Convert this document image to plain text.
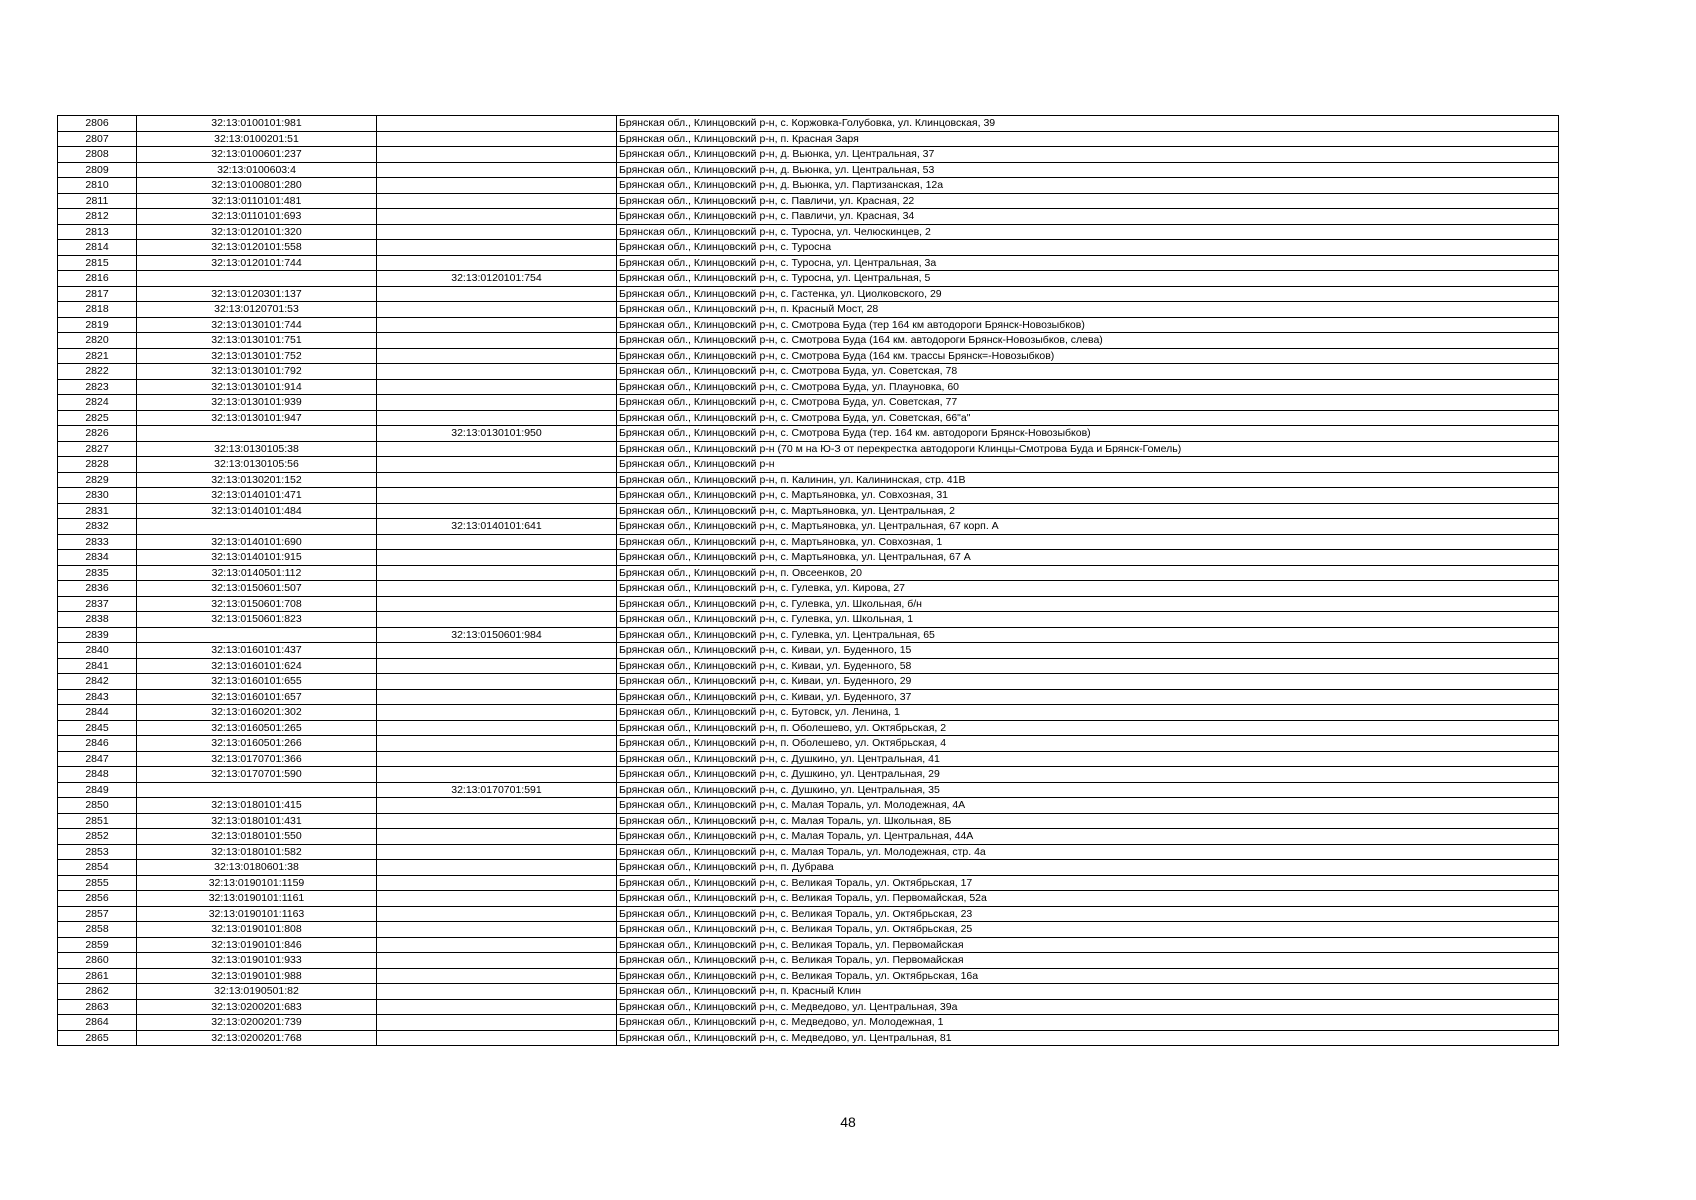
2806	32:13:0100101:981		Брянская обл., Клинцовский р-н, с. Коржовка-Голубовка, ул. Клинцовская, 39
2807	32:13:0100201:51		Брянская обл., Клинцовский р-н, п. Красная Заря
2808	32:13:0100601:237		Брянская обл., Клинцовский р-н, д. Вьюнка, ул. Центральная, 37
2809	32:13:0100603:4		Брянская обл., Клинцовский р-н, д. Вьюнка, ул. Центральная, 53
2810	32:13:0100801:280		Брянская обл., Клинцовский р-н, д. Вьюнка, ул. Партизанская, 12а
2811	32:13:0110101:481		Брянская обл., Клинцовский р-н, с. Павличи, ул. Красная, 22
2812	32:13:0110101:693		Брянская обл., Клинцовский р-н, с. Павличи, ул. Красная, 34
2813	32:13:0120101:320		Брянская обл., Клинцовский р-н, с. Туросна, ул. Челюскинцев, 2
2814	32:13:0120101:558		Брянская обл., Клинцовский р-н, с. Туросна
2815	32:13:0120101:744		Брянская обл., Клинцовский р-н, с. Туросна, ул. Центральная, 3а
2816		32:13:0120101:754	Брянская обл., Клинцовский р-н, с. Туросна, ул. Центральная, 5
2817	32:13:0120301:137		Брянская обл., Клинцовский р-н, с. Гастенка, ул. Циолковского, 29
2818	32:13:0120701:53		Брянская обл., Клинцовский р-н, п. Красный Мост, 28
2819	32:13:0130101:744		Брянская обл., Клинцовский р-н, с. Смотрова Буда (тер 164 км автодороги Брянск-Новозыбков)
2820	32:13:0130101:751		Брянская обл., Клинцовский р-н, с. Смотрова Буда (164 км. автодороги Брянск-Новозыбков, слева)
2821	32:13:0130101:752		Брянская обл., Клинцовский р-н, с. Смотрова Буда (164 км. трассы Брянск=-Новозыбков)
2822	32:13:0130101:792		Брянская обл., Клинцовский р-н, с. Смотрова Буда, ул. Советская, 78
2823	32:13:0130101:914		Брянская обл., Клинцовский р-н, с. Смотрова Буда, ул. Плауновка, 60
2824	32:13:0130101:939		Брянская обл., Клинцовский р-н, с. Смотрова Буда, ул. Советская, 77
2825	32:13:0130101:947		Брянская обл., Клинцовский р-н, с. Смотрова Буда, ул. Советская, 66"а"
2826		32:13:0130101:950	Брянская обл., Клинцовский р-н, с. Смотрова Буда (тер. 164 км. автодороги Брянск-Новозыбков)
2827	32:13:0130105:38		Брянская обл., Клинцовский р-н (70 м на Ю-З от перекрестка автодороги Клинцы-Смотрова Буда и Брянск-Гомель)
2828	32:13:0130105:56		Брянская обл., Клинцовский р-н
2829	32:13:0130201:152		Брянская обл., Клинцовский р-н, п. Калинин, ул. Калининская, стр. 41В
2830	32:13:0140101:471		Брянская обл., Клинцовский р-н, с. Мартьяновка, ул. Совхозная, 31
2831	32:13:0140101:484		Брянская обл., Клинцовский р-н, с. Мартьяновка, ул. Центральная, 2
2832		32:13:0140101:641	Брянская обл., Клинцовский р-н, с. Мартьяновка, ул. Центральная, 67 корп. А
2833	32:13:0140101:690		Брянская обл., Клинцовский р-н, с. Мартьяновка, ул. Совхозная, 1
2834	32:13:0140101:915		Брянская обл., Клинцовский р-н, с. Мартьяновка, ул. Центральная, 67 А
2835	32:13:0140501:112		Брянская обл., Клинцовский р-н, п. Овсеенков, 20
2836	32:13:0150601:507		Брянская обл., Клинцовский р-н, с. Гулевка, ул. Кирова, 27
2837	32:13:0150601:708		Брянская обл., Клинцовский р-н, с. Гулевка, ул. Школьная, б/н
2838	32:13:0150601:823		Брянская обл., Клинцовский р-н, с. Гулевка, ул. Школьная, 1
2839		32:13:0150601:984	Брянская обл., Клинцовский р-н, с. Гулевка, ул. Центральная, 65
2840	32:13:0160101:437		Брянская обл., Клинцовский р-н, с. Киваи, ул. Буденного, 15
2841	32:13:0160101:624		Брянская обл., Клинцовский р-н, с. Киваи, ул. Буденного, 58
2842	32:13:0160101:655		Брянская обл., Клинцовский р-н, с. Киваи, ул. Буденного, 29
2843	32:13:0160101:657		Брянская обл., Клинцовский р-н, с. Киваи, ул. Буденного, 37
2844	32:13:0160201:302		Брянская обл., Клинцовский р-н, с. Бутовск, ул. Ленина, 1
2845	32:13:0160501:265		Брянская обл., Клинцовский р-н, п. Оболешево, ул. Октябрьская, 2
2846	32:13:0160501:266		Брянская обл., Клинцовский р-н, п. Оболешево, ул. Октябрьская, 4
2847	32:13:0170701:366		Брянская обл., Клинцовский р-н, с. Душкино, ул. Центральная, 41
2848	32:13:0170701:590		Брянская обл., Клинцовский р-н, с. Душкино, ул. Центральная, 29
2849		32:13:0170701:591	Брянская обл., Клинцовский р-н, с. Душкино, ул. Центральная, 35
2850	32:13:0180101:415		Брянская обл., Клинцовский р-н, с. Малая Topaль, ул. Молодежная, 4А
2851	32:13:0180101:431		Брянская обл., Клинцовский р-н, с. Малая Topaль, ул. Школьная, 8Б
2852	32:13:0180101:550		Брянская обл., Клинцовский р-н, с. Малая Topaль, ул. Центральная, 44А
2853	32:13:0180101:582		Брянская обл., Клинцовский р-н, с. Малая Topaль, ул. Молодежная, стр. 4а
2854	32:13:0180601:38		Брянская обл., Клинцовский р-н, п. Дубрава
2855	32:13:0190101:1159		Брянская обл., Клинцовский р-н, с. Великая Topaль, ул. Октябрьская, 17
2856	32:13:0190101:1161		Брянская обл., Клинцовский р-н, с. Великая Topaль, ул. Первомайская, 52а
2857	32:13:0190101:1163		Брянская обл., Клинцовский р-н, с. Великая Topaль, ул. Октябрьская, 23
2858	32:13:0190101:808		Брянская обл., Клинцовский р-н, с. Великая Topaль, ул. Октябрьская, 25
2859	32:13:0190101:846		Брянская обл., Клинцовский р-н, с. Великая Topaль, ул. Первомайская
2860	32:13:0190101:933		Брянская обл., Клинцовский р-н, с. Великая Topaль, ул. Первомайская
2861	32:13:0190101:988		Брянская обл., Клинцовский р-н, с. Великая Topaль, ул. Октябрьская, 16а
2862	32:13:0190501:82		Брянская обл., Клинцовский р-н, п. Красный Клин
2863	32:13:0200201:683		Брянская обл., Клинцовский р-н, с. Медведово, ул. Центральная, 39а
2864	32:13:0200201:739		Брянская обл., Клинцовский р-н, с. Медведово, ул. Молодежная, 1
2865	32:13:0200201:768		Брянская обл., Клинцовский р-н, с. Медведово, ул. Центральная, 81
48
